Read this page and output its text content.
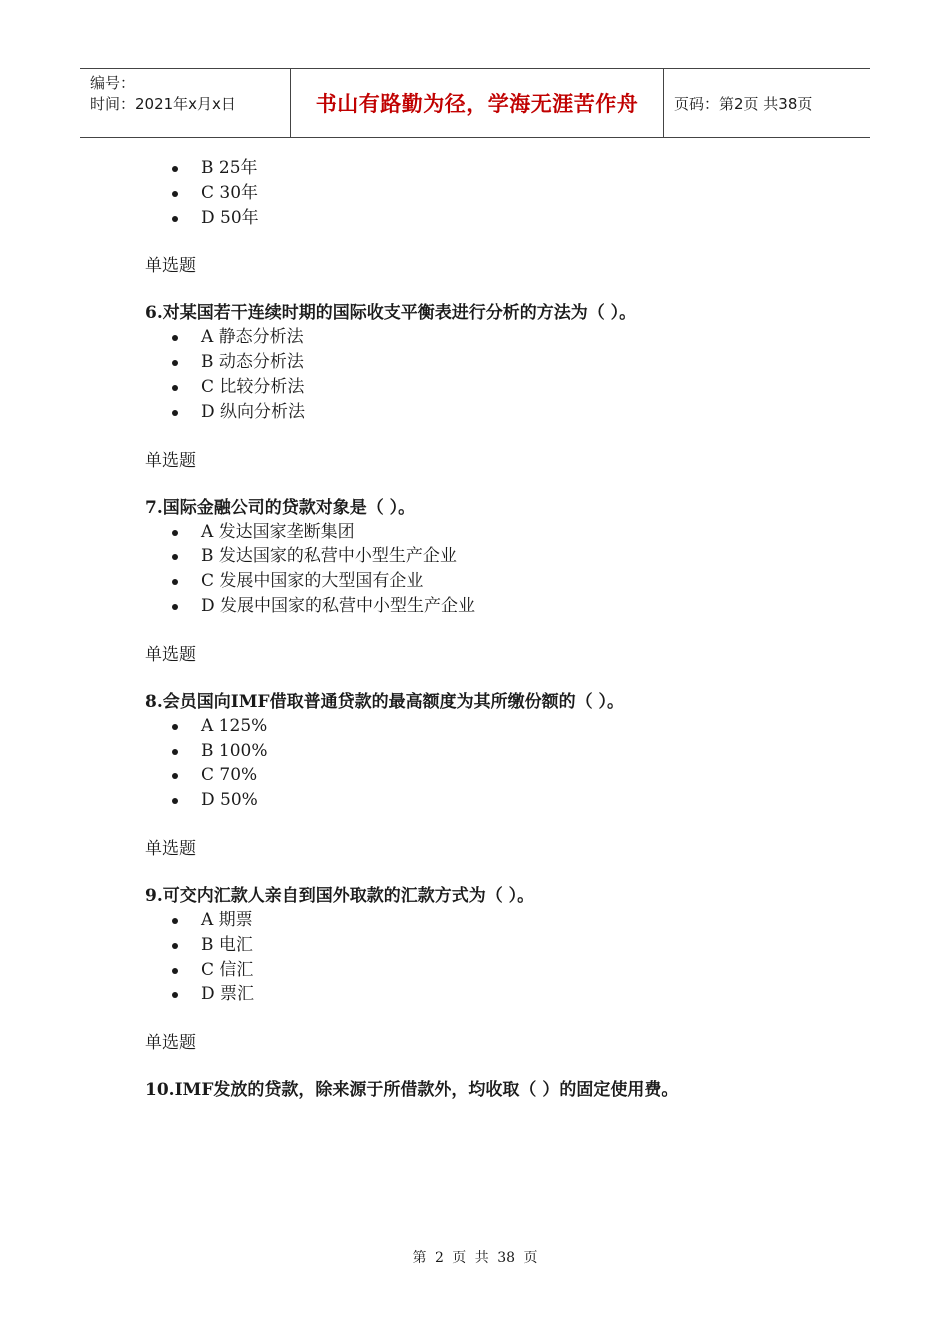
编号：
时间：2021年x月x日	书山有路勤为径，学海无涯苦作舟	页码：第2页 共38页
B 25年
C 30年
D 50年
单选题
6.对某国若干连续时期的国际收支平衡表进行分析的方法为（ ）。
A 静态分析法
B 动态分析法
C 比较分析法
D 纵向分析法
单选题
7.国际金融公司的贷款对象是（ ）。
A 发达国家垄断集团
B 发达国家的私营中小型生产企业
C 发展中国家的大型国有企业
D 发展中国家的私营中小型生产企业
单选题
8.会员国向IMF借取普通贷款的最高额度为其所缴份额的（ ）。
A 125%
B 100%
C 70%
D 50%
单选题
9.可交内汇款人亲自到国外取款的汇款方式为（ ）。
A 期票
B 电汇
C 信汇
D 票汇
单选题
10.IMF发放的贷款，除来源于所借款外，均收取（ ）的固定使用费。
第 2 页 共 38 页
